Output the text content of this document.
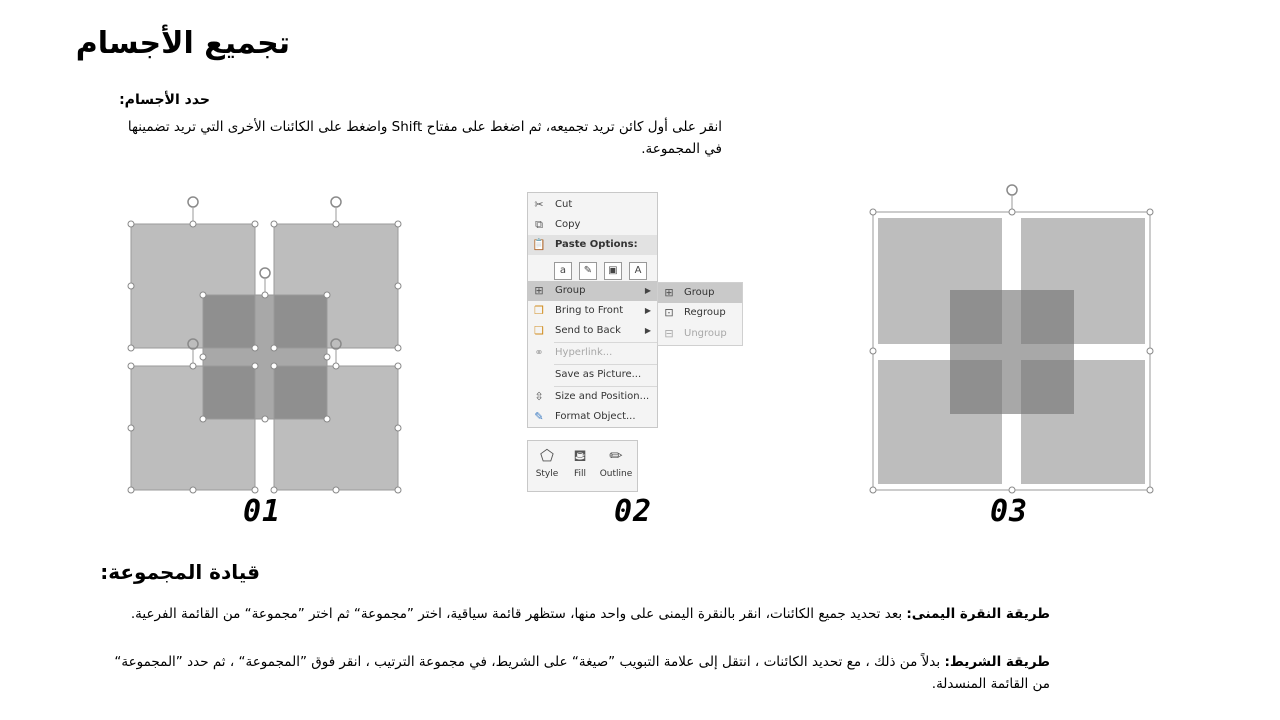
تجميع الأجسام
حدد الأجسام:
انقر على أول كائن تريد تجميعه، ثم اضغط على مفتاح Shift واضغط على الكائنات الأخرى التي تريد تضمينها في المجموعة.
01
✂ Cut
⧉	Copy
📋 Paste Options:
⊞ Group	▶
❐ Bring to Front	▶
❏ Send to Back	▶
⚭ Hyperlink...
Save as Picture...
⇳ Size and Position...
✎ Format Object...
a	✎	▣	A
⊞ Group
⊡ Regroup
⊟ Ungroup
⬠
Style
⛾
Fill
✏
Outline
02	03
قيادة المجموعة:
طريقة النقرة اليمنى: بعد تحديد جميع الكائنات، انقر بالنقرة اليمنى على واحد منها، ستظهر قائمة سياقية، اختر ”مجموعة“ ثم اختر ”مجموعة“ من القائمة الفرعية.
طريقة الشريط: بدلاً من ذلك ، مع تحديد الكائنات ، انتقل إلى علامة التبويب ”صيغة“ على الشريط، في مجموعة الترتيب ، انقر فوق ”المجموعة“ ، ثم حدد ”المجموعة“ من القائمة المنسدلة.
